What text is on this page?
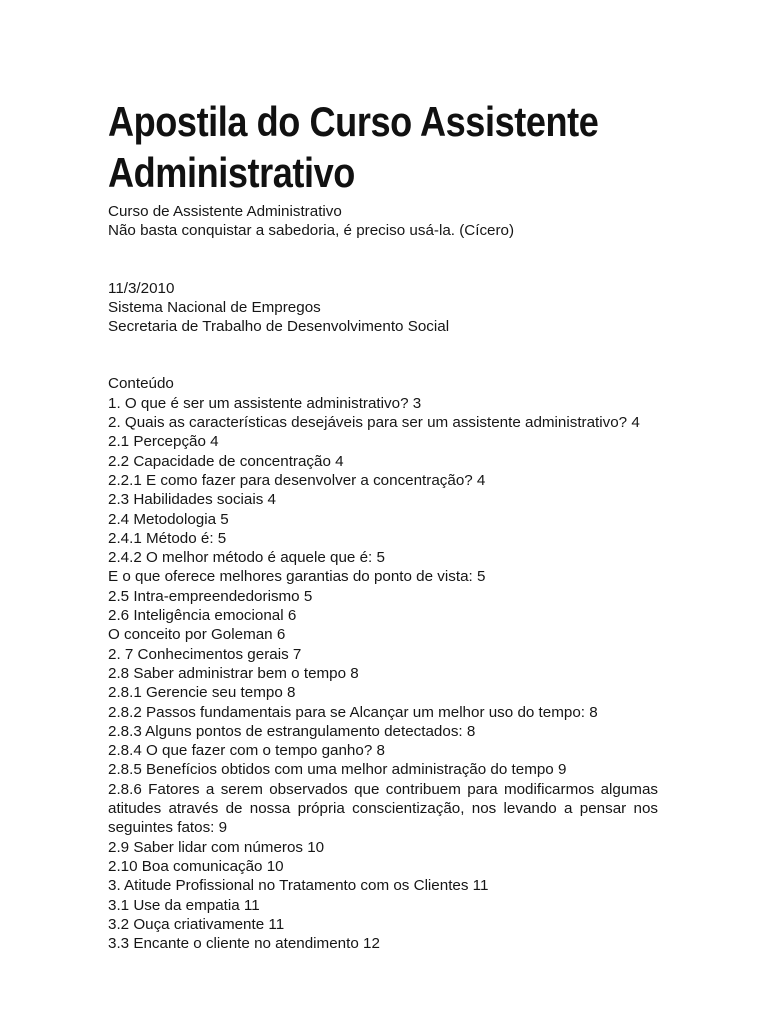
Apostila do Curso Assistente
Administrativo

Curso de Assistente Administrativo

Não basta conquistar a sabedoria, é preciso usá-la. (Cícero)

11/3/2010

Sistema Nacional de Empregos

Secretaria de Trabalho de Desenvolvimento Social

Conteúdo

1. O que é ser um assistente administrativo? 3

2. Quais as características desejáveis para ser um assistente administrativo? 4

2.1 Percepção 4

2.2 Capacidade de concentração 4

2.2.1 E como fazer para desenvolver a concentração? 4

2.3 Habilidades sociais 4

2.4 Metodologia 5

2.4.1 Método é: 5

2.4.2 O melhor método é aquele que é: 5

E o que oferece melhores garantias do ponto de vista: 5

2.5 Intra-empreendedorismo 5

2.6 Inteligência emocional 6

O conceito por Goleman 6

2. 7 Conhecimentos gerais 7

2.8 Saber administrar bem o tempo 8

2.8.1 Gerencie seu tempo 8

2.8.2 Passos fundamentais para se Alcançar um melhor uso do tempo: 8

2.8.3 Alguns pontos de estrangulamento detectados: 8

2.8.4 O que fazer com o tempo ganho? 8

2.8.5 Benefícios obtidos com uma melhor administração do tempo 9

2.8.6 Fatores a serem observados que contribuem para modificarmos algumas atitudes através de nossa própria conscientização, nos levando a pensar nos seguintes fatos: 9

2.9 Saber lidar com números 10

2.10 Boa comunicação 10

3. Atitude Profissional no Tratamento com os Clientes 11

3.1 Use da empatia 11

3.2 Ouça criativamente 11

3.3 Encante o cliente no atendimento 12
